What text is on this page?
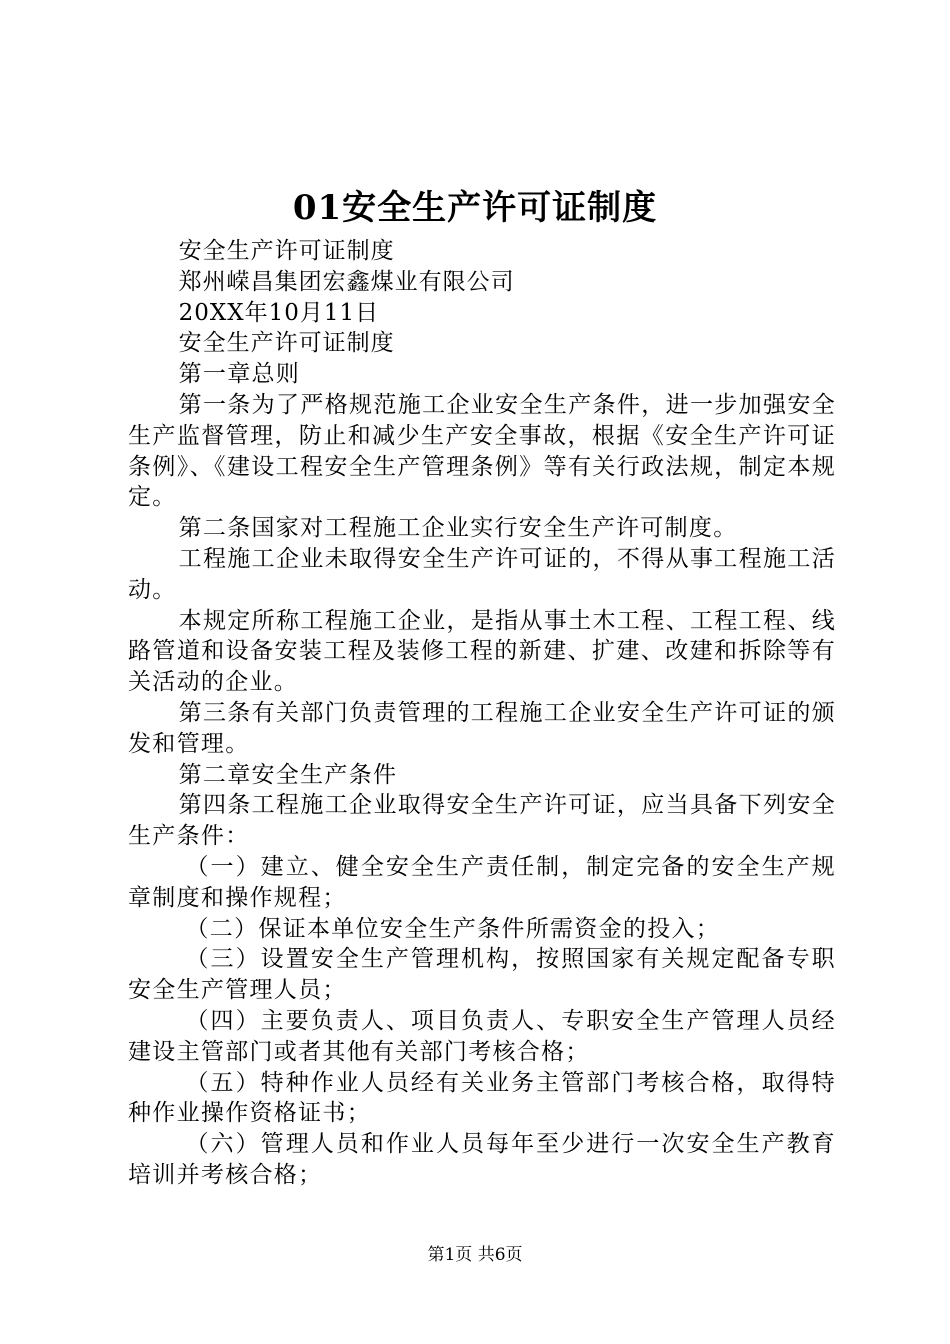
01安全生产许可证制度

安全生产许可证制度

郑州嵘昌集团宏鑫煤业有限公司

20XX年10月11日

安全生产许可证制度

第一章总则

第一条为了严格规范施工企业安全生产条件，进一步加强安全生产监督管理，防止和减少生产安全事故，根据《安全生产许可证条例》、《建设工程安全生产管理条例》等有关行政法规，制定本规定。

第二条国家对工程施工企业实行安全生产许可制度。

工程施工企业未取得安全生产许可证的，不得从事工程施工活动。

本规定所称工程施工企业，是指从事土木工程、工程工程、线路管道和设备安装工程及装修工程的新建、扩建、改建和拆除等有关活动的企业。

第三条有关部门负责管理的工程施工企业安全生产许可证的颁发和管理。

第二章安全生产条件

第四条工程施工企业取得安全生产许可证，应当具备下列安全生产条件：

（一）建立、健全安全生产责任制，制定完备的安全生产规章制度和操作规程；

（二）保证本单位安全生产条件所需资金的投入；

（三）设置安全生产管理机构，按照国家有关规定配备专职安全生产管理人员；

（四）主要负责人、项目负责人、专职安全生产管理人员经建设主管部门或者其他有关部门考核合格；

（五）特种作业人员经有关业务主管部门考核合格，取得特种作业操作资格证书；

（六）管理人员和作业人员每年至少进行一次安全生产教育培训并考核合格；

第1页 共6页
